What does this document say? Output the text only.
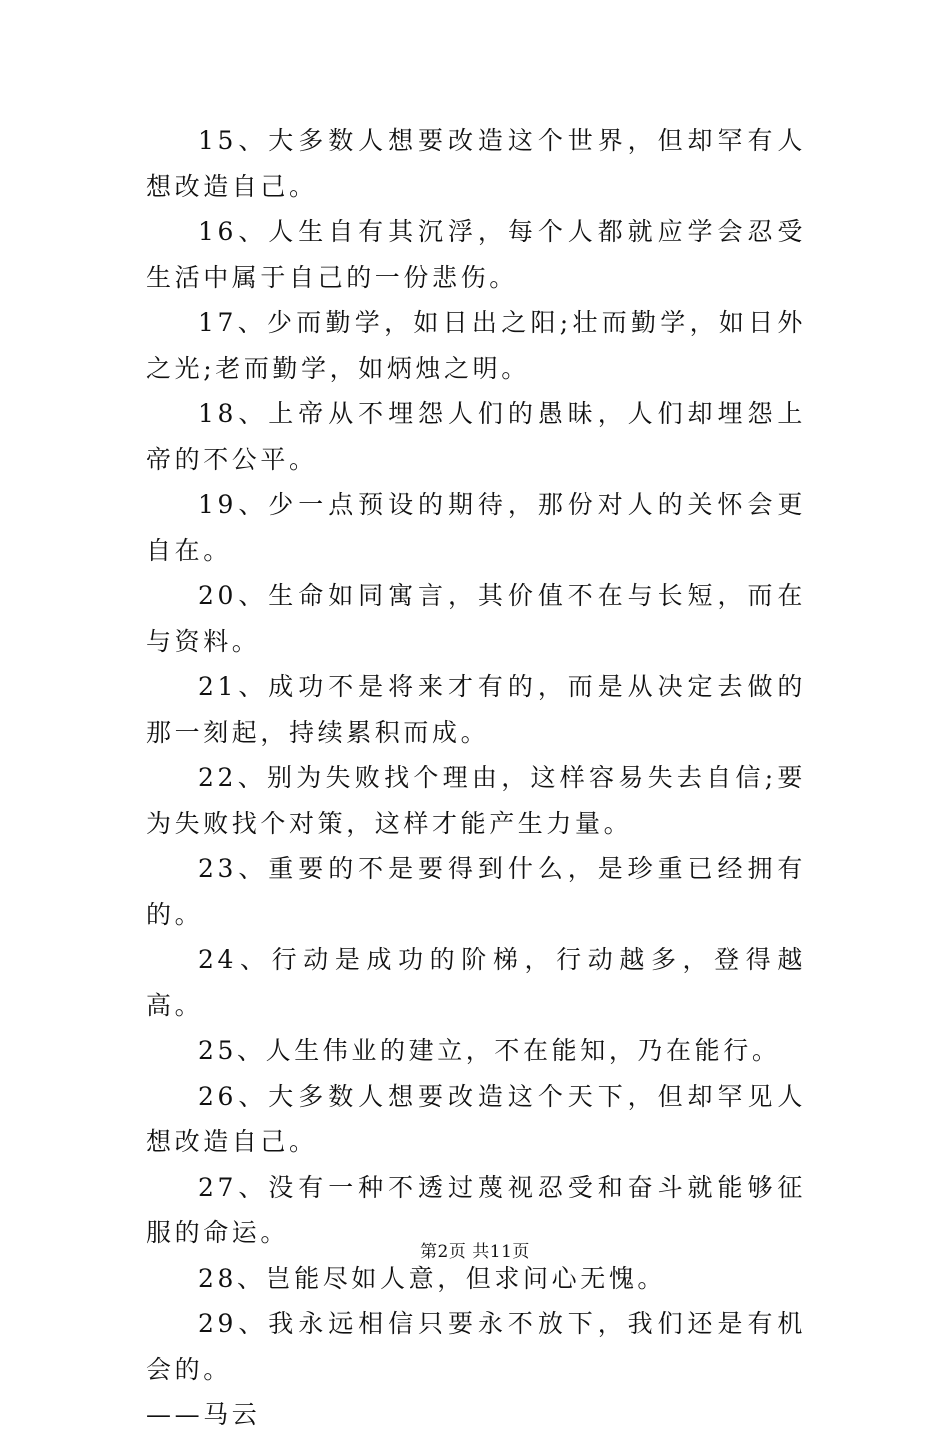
15、大多数人想要改造这个世界，但却罕有人想改造自己。

16、人生自有其沉浮，每个人都就应学会忍受生活中属于自己的一份悲伤。

17、少而勤学，如日出之阳;壮而勤学，如日外之光;老而勤学，如炳烛之明。

18、上帝从不埋怨人们的愚昧，人们却埋怨上帝的不公平。

19、少一点预设的期待，那份对人的关怀会更自在。

20、生命如同寓言，其价值不在与长短，而在与资料。

21、成功不是将来才有的，而是从决定去做的那一刻起，持续累积而成。

22、别为失败找个理由，这样容易失去自信;要为失败找个对策，这样才能产生力量。

23、重要的不是要得到什么，是珍重已经拥有的。

24、行动是成功的阶梯，行动越多，登得越高。

25、人生伟业的建立，不在能知，乃在能行。

26、大多数人想要改造这个天下，但却罕见人想改造自己。

27、没有一种不透过蔑视忍受和奋斗就能够征服的命运。

28、岂能尽如人意，但求问心无愧。

29、我永远相信只要永不放下，我们还是有机会的。

——马云

第2页 共11页
